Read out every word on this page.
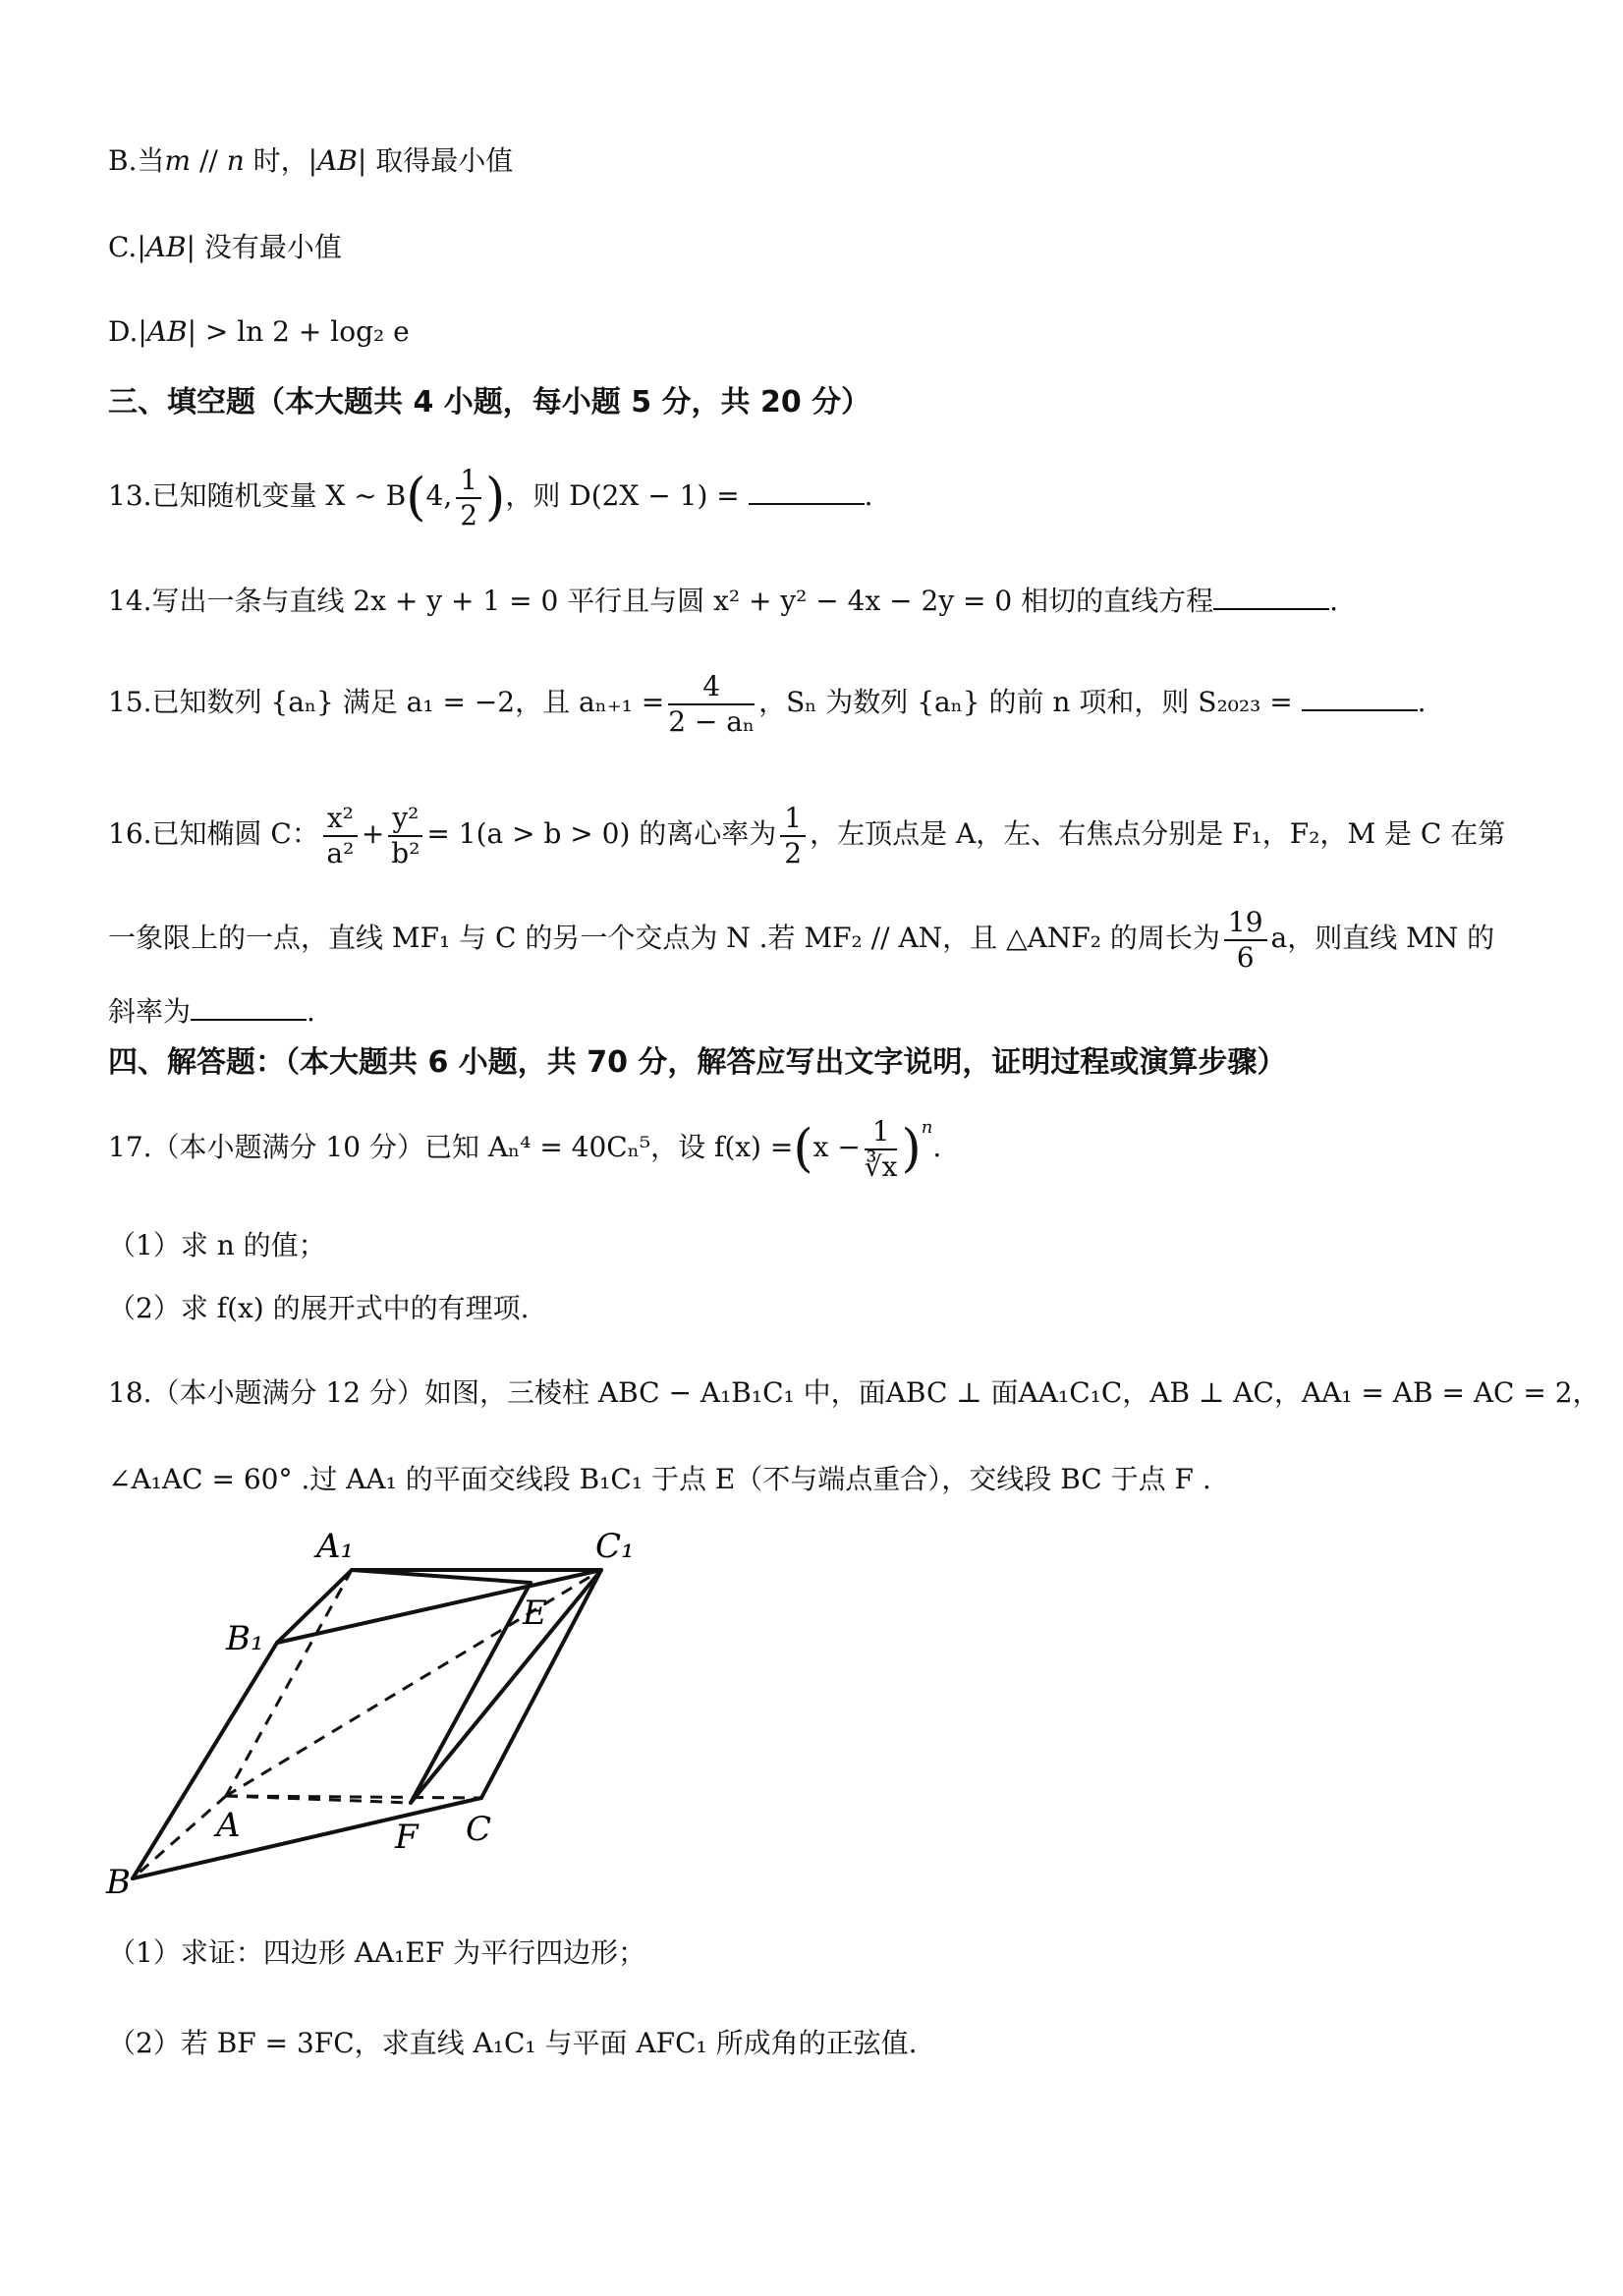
B.当m // n 时，|AB| 取得最小值
C.|AB| 没有最小值
D.|AB| > ln 2 + log₂ e
三、填空题（本大题共 4 小题，每小题 5 分，共 20 分）
13.已知随机变量 X ~ B(4, $\frac{1}{2}$ )，则 D(2X − 1) =	.
14.写出一条与直线 2x + y + 1 = 0 平行且与圆 x² + y² − 4x − 2y = 0 相切的直线方程	.
15.已知数列 {aₙ} 满足 a₁ = −2，且 $a_{n+1} = \frac{4}{\text{2 − aₙ}}$ ，Sₙ 为数列 {aₙ} 的前 n 项和，则 S₂₀₂₃ =	.
16.已知椭圆 C： $\frac{\text{x²}}{\text{a²}} + \frac{\text{y²}}{\text{b²}} = 1(a > b > 0)$ 的离心率为 $\frac{1}{2}$ ，左顶点是 A，左、右焦点分别是 F₁，F₂，M 是 C 在第
一象限上的一点，直线 MF₁ 与 C 的另一个交点为 N .若 MF₂ // AN，且 △ANF₂ 的周长为 $\frac{19}{6}$ a，则直线 MN 的
斜率为	.
四、解答题：（本大题共 6 小题，共 70 分，解答应写出文字说明，证明过程或演算步骤）
17.（本小题满分 10 分）已知 Aₙ⁴ = 40Cₙ⁵，设 $f(x) =(x - \frac{1}{∛x} )^n$.
（1）求 n 的值；
（2）求 f(x) 的展开式中的有理项.
18.（本小题满分 12 分）如图，三棱柱 ABC − A₁B₁C₁ 中，面ABC ⊥ 面AA₁C₁C，AB ⊥ AC，AA₁ = AB = AC = 2，
∠A₁AC = 60° .过 AA₁ 的平面交线段 B₁C₁ 于点 E（不与端点重合），交线段 BC 于点 F .
A₁	C₁
B₁
E
A	F C
B
（1）求证：四边形 AA₁EF 为平行四边形；
（2）若 BF = 3FC，求直线 A₁C₁ 与平面 AFC₁ 所成角的正弦值.
